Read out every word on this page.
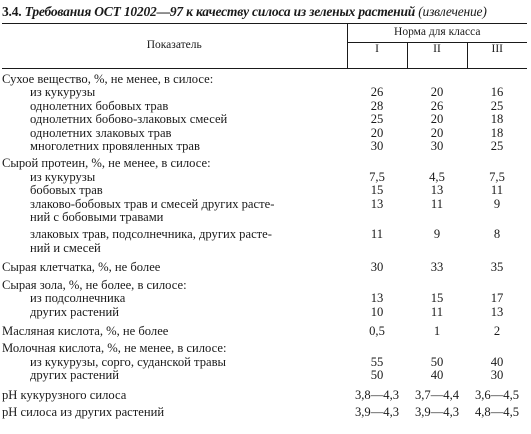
3.4. Требования ОСТ 10202—97 к качеству силоса из зеленых растений (извлечение)
Показатель	Норма для класса		
	I	II	III
Сухое вещество, %, не менее, в силосе:			
из кукурузы	26	20	16
однолетних бобовых трав	28	26	25
однолетних бобово-злаковых смесей	25	20	18
однолетних злаковых трав	20	20	18
многолетних провяленных трав	30	30	25
Сырой протеин, %, не менее, в силосе:			
из кукурузы	7,5	4,5	7,5
бобовых трав	15	13	11
злаково-бобовых трав и смесей других расте-	13	11	9
ний с бобовыми травами			
злаковых трав, подсолнечника, других расте-	11	9	8
ний и смесей			
Сырая клетчатка, %, не более	30	33	35
Сырая зола, %, не более, в силосе:			
из подсолнечника	13	15	17
других растений	10	11	13
Масляная кислота, %, не более	0,5	1	2
Молочная кислота, %, не менее, в силосе:			
из кукурузы, сорго, суданской травы	55	50	40
других растений	50	40	30
рН кукурузного силоса	3,8—4,3	3,7—4,4	3,6—4,5
рН силоса из других растений	3,9—4,3	3,9—4,3	4,8—4,5
